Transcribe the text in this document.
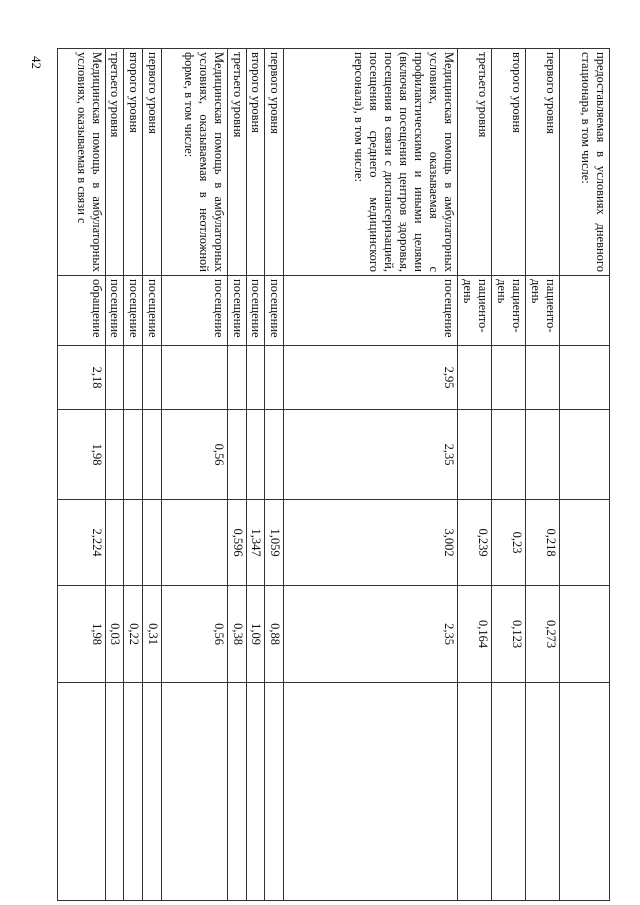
42	предоставляемая в условиях дневного стационара, в том числе:						
первого уровня	пациенто-день			0,218	0,273	
второго уровня	пациенто-день			0,23	0,123	
третьего уровня	пациенто-день			0,239	0,164	
Медицинская помощь в амбулаторных условиях, оказываемая с профилактическими и иными целями (включая посещения центров здоровья, посещения в связи с диспансеризацией, посещения среднего медицинского персонала), в том числе:	посещение	2,95	2,35	3,002	2,35	
первого уровня	посещение			1,059	0,88	
второго уровня	посещение			1,347	1,09	
третьего уровня	посещение			0,596	0,38	
Медицинская помощь в амбулаторных условиях, оказываемая в неотложной форме, в том числе:	посещение		0,56		0,56	
первого уровня	посещение				0,31	
второго уровня	посещение				0,22	
третьего уровня	посещение				0,03	
Медицинская помощь в амбулаторных условиях, оказываемая в связи с	обращение	2,18	1,98	2,224	1,98	
